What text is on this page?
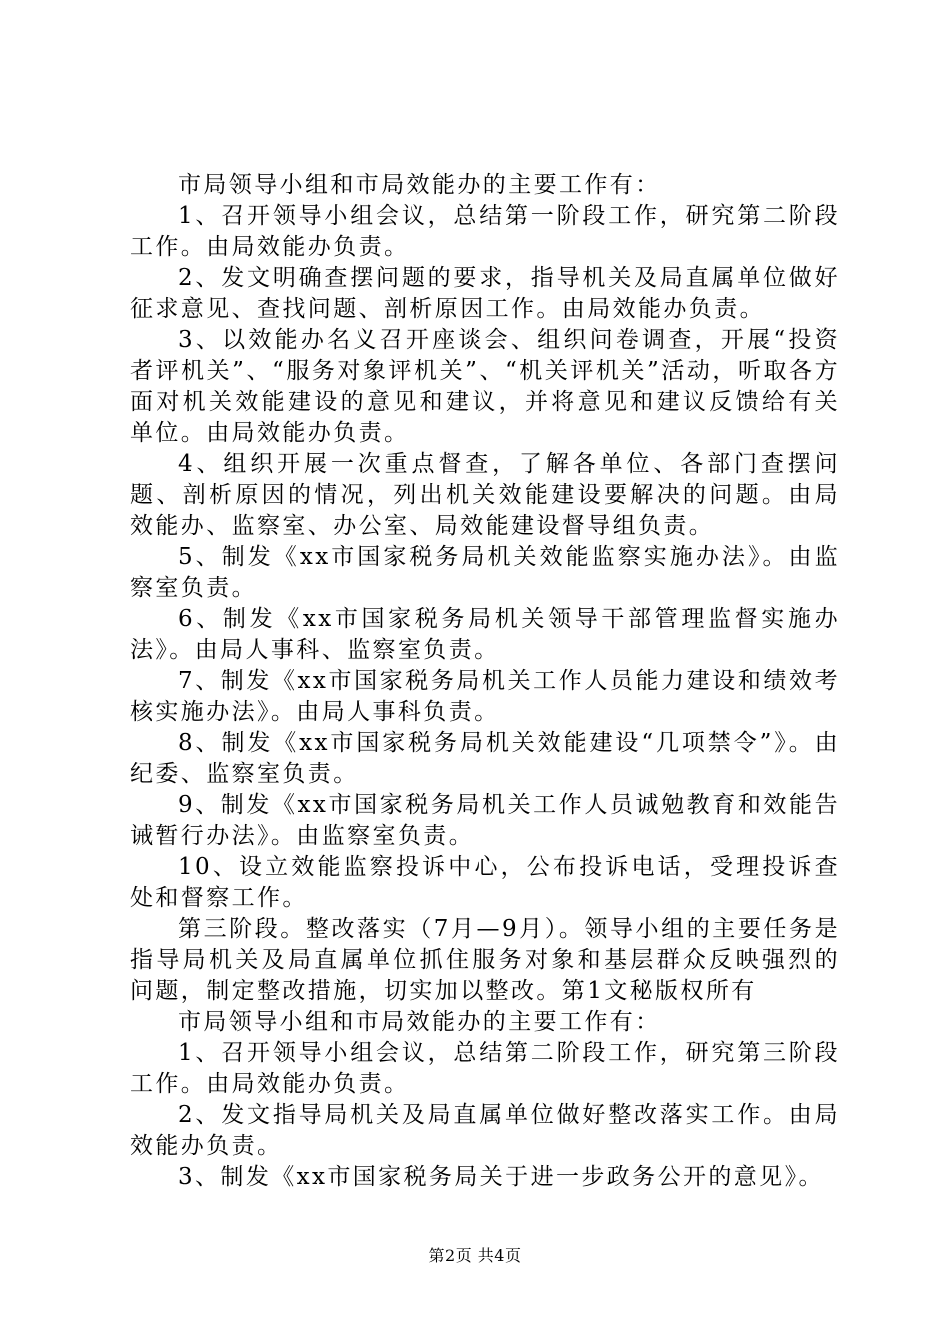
市局领导小组和市局效能办的主要工作有：

1、召开领导小组会议，总结第一阶段工作，研究第二阶段工作。由局效能办负责。

2、发文明确查摆问题的要求，指导机关及局直属单位做好征求意见、查找问题、剖析原因工作。由局效能办负责。

3、以效能办名义召开座谈会、组织问卷调查，开展“投资者评机关”、“服务对象评机关”、“机关评机关”活动，听取各方面对机关效能建设的意见和建议，并将意见和建议反馈给有关单位。由局效能办负责。

4、组织开展一次重点督查，了解各单位、各部门查摆问题、剖析原因的情况，列出机关效能建设要解决的问题。由局效能办、监察室、办公室、局效能建设督导组负责。

5、制发《xx市国家税务局机关效能监察实施办法》。由监察室负责。

6、制发《xx市国家税务局机关领导干部管理监督实施办法》。由局人事科、监察室负责。

7、制发《xx市国家税务局机关工作人员能力建设和绩效考核实施办法》。由局人事科负责。

8、制发《xx市国家税务局机关效能建设“几项禁令”》。由纪委、监察室负责。

9、制发《xx市国家税务局机关工作人员诚勉教育和效能告诫暂行办法》。由监察室负责。

10、设立效能监察投诉中心，公布投诉电话，受理投诉查处和督察工作。

第三阶段。整改落实（7月—9月）。领导小组的主要任务是指导局机关及局直属单位抓住服务对象和基层群众反映强烈的问题，制定整改措施，切实加以整改。第1文秘版权所有

市局领导小组和市局效能办的主要工作有：

1、召开领导小组会议，总结第二阶段工作，研究第三阶段工作。由局效能办负责。

2、发文指导局机关及局直属单位做好整改落实工作。由局效能办负责。

3、制发《xx市国家税务局关于进一步政务公开的意见》。

第2页 共4页
